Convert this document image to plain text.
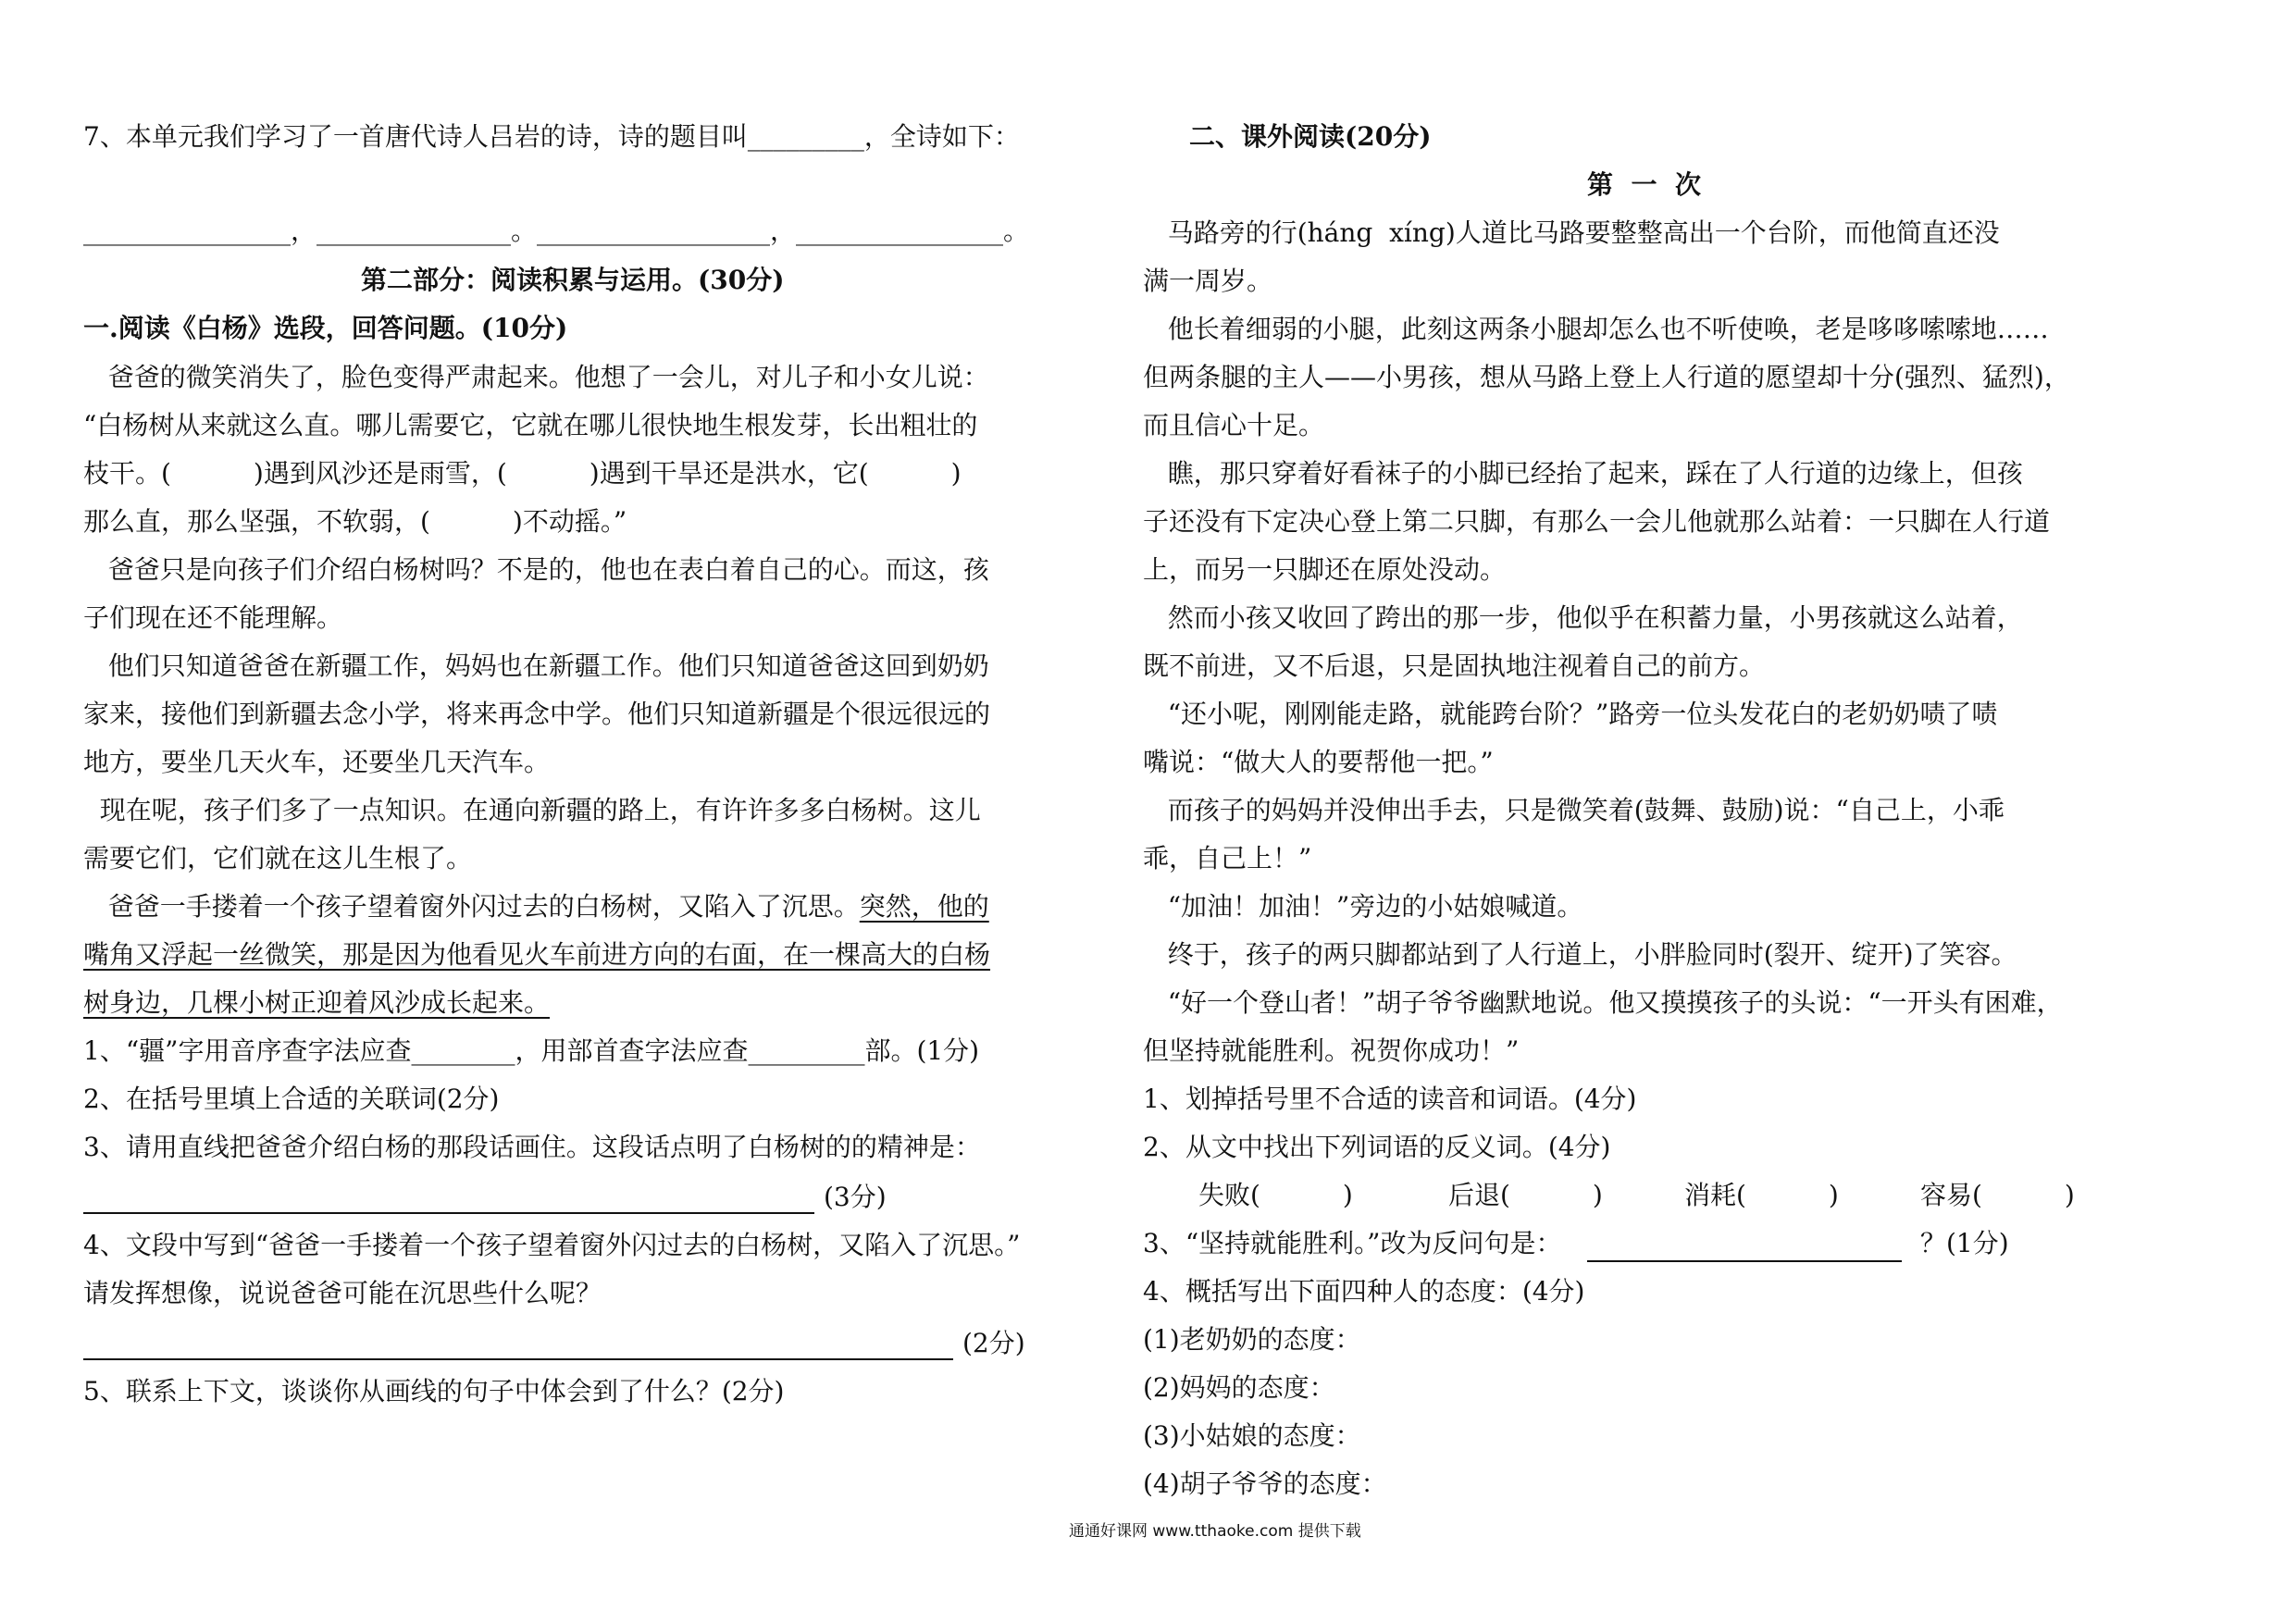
7、本单元我们学习了一首唐代诗人吕岩的诗，诗的题目叫_________，全诗如下：
________________，_______________。__________________，________________。
第二部分：阅读积累与运用。(30分)
一.阅读《白杨》选段，回答问题。(10分)
爸爸的微笑消失了，脸色变得严肃起来。他想了一会儿，对儿子和小女儿说：
“白杨树从来就这么直。哪儿需要它，它就在哪儿很快地生根发芽，长出粗壮的
枝干。(          )遇到风沙还是雨雪，(          )遇到干旱还是洪水，它(          )
那么直，那么坚强，不软弱，(          )不动摇。”
爸爸只是向孩子们介绍白杨树吗？不是的，他也在表白着自己的心。而这，孩
子们现在还不能理解。
他们只知道爸爸在新疆工作，妈妈也在新疆工作。他们只知道爸爸这回到奶奶
家来，接他们到新疆去念小学，将来再念中学。他们只知道新疆是个很远很远的
地方，要坐几天火车，还要坐几天汽车。
现在呢，孩子们多了一点知识。在通向新疆的路上，有许许多多白杨树。这儿
需要它们，它们就在这儿生根了。
爸爸一手搂着一个孩子望着窗外闪过去的白杨树，又陷入了沉思。突然，他的
嘴角又浮起一丝微笑，那是因为他看见火车前进方向的右面，在一棵高大的白杨
树身边，几棵小树正迎着风沙成长起来。
1、“疆”字用音序查字法应查________，用部首查字法应查_________部。(1分)
2、在括号里填上合适的关联词(2分)
3、请用直线把爸爸介绍白杨的那段话画住。这段话点明了白杨树的的精神是：
(3分)
4、文段中写到“爸爸一手搂着一个孩子望着窗外闪过去的白杨树，又陷入了沉思。”
请发挥想像，说说爸爸可能在沉思些什么呢？
(2分)
5、联系上下文，谈谈你从画线的句子中体会到了什么？(2分)
二、课外阅读(20分)
第  一  次
马路旁的行(háng  xíng)人道比马路要整整高出一个台阶，而他简直还没
满一周岁。
他长着细弱的小腿，此刻这两条小腿却怎么也不听使唤，老是哆哆嗦嗦地……
但两条腿的主人——小男孩，想从马路上登上人行道的愿望却十分(强烈、猛烈)，
而且信心十足。
瞧，那只穿着好看袜子的小脚已经抬了起来，踩在了人行道的边缘上，但孩
子还没有下定决心登上第二只脚，有那么一会儿他就那么站着：一只脚在人行道
上，而另一只脚还在原处没动。
然而小孩又收回了跨出的那一步，他似乎在积蓄力量，小男孩就这么站着，
既不前进，又不后退，只是固执地注视着自己的前方。
“还小呢，刚刚能走路，就能跨台阶？”路旁一位头发花白的老奶奶啧了啧
嘴说：“做大人的要帮他一把。”
而孩子的妈妈并没伸出手去，只是微笑着(鼓舞、鼓励)说：“自己上，小乖
乖，自己上！”
“加油！加油！”旁边的小姑娘喊道。
终于，孩子的两只脚都站到了人行道上，小胖脸同时(裂开、绽开)了笑容。
“好一个登山者！”胡子爷爷幽默地说。他又摸摸孩子的头说：“一开头有困难，
但坚持就能胜利。祝贺你成功！”
1、划掉括号里不合适的读音和词语。(4分)
2、从文中找出下列词语的反义词。(4分)
失败(          )	后退(          )	消耗(          )	容易(          )
3、“坚持就能胜利。”改为反问句是：	？(1分)
4、概括写出下面四种人的态度：(4分)
(1)老奶奶的态度：
(2)妈妈的态度：
(3)小姑娘的态度：
(4)胡子爷爷的态度：
通通好课网 www.tthaoke.com 提供下载
